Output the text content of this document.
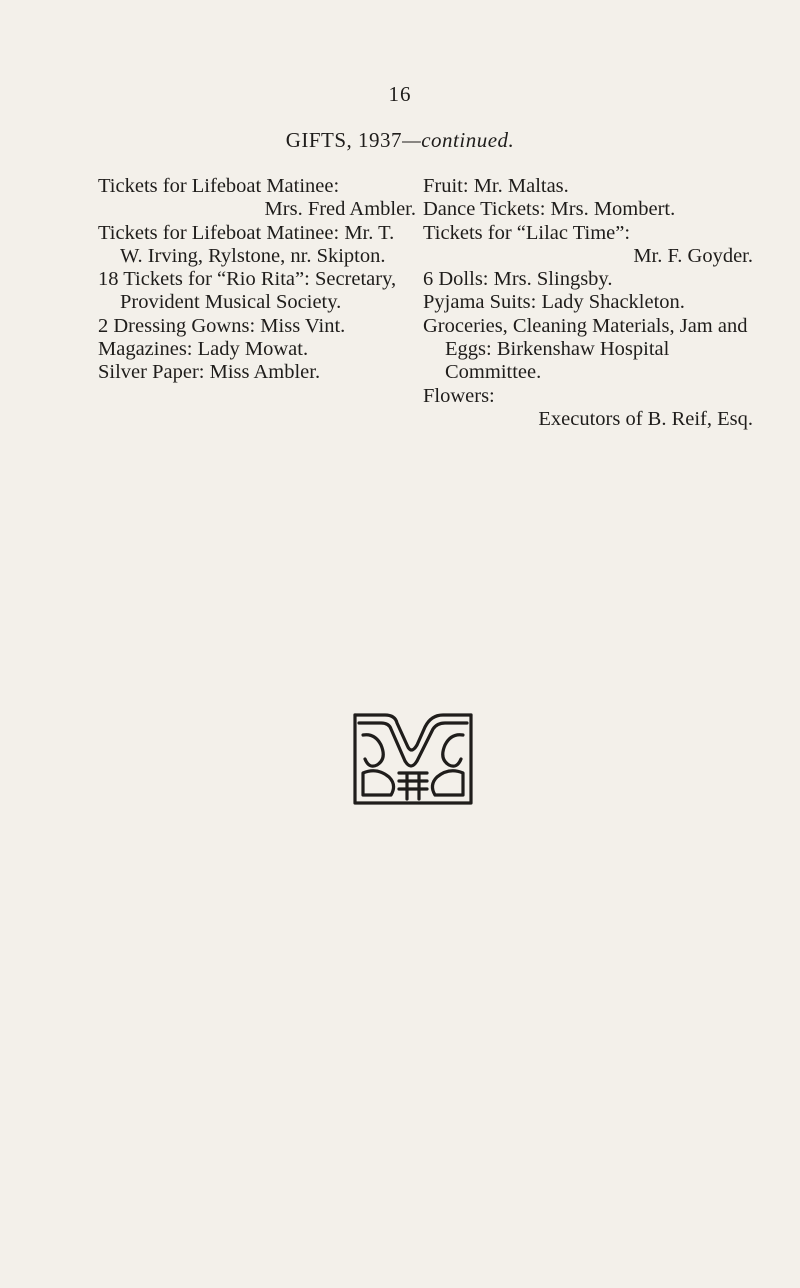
16
GIFTS, 1937—continued.

Tickets for Lifeboat Matinee:
Mrs. Fred Ambler.

Tickets for Lifeboat Matinee: Mr. T. W. Irving, Rylstone, nr. Skipton.

18 Tickets for “Rio Rita”: Secretary, Provident Musical Society.

2 Dressing Gowns: Miss Vint.

Magazines: Lady Mowat.

Silver Paper: Miss Ambler.

Fruit: Mr. Maltas.

Dance Tickets: Mrs. Mombert.

Tickets for “Lilac Time”:
Mr. F. Goyder.

6 Dolls: Mrs. Slingsby.

Pyjama Suits: Lady Shackleton.

Groceries, Cleaning Materials, Jam and Eggs: Birkenshaw Hospital Committee.

Flowers:
Executors of B. Reif, Esq.
